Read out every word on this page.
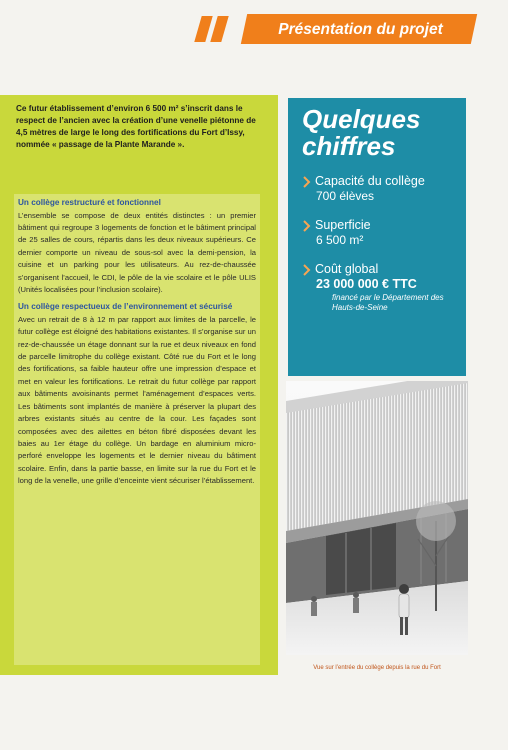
Présentation du projet

Ce futur établissement d’environ 6 500 m² s’inscrit dans le respect de l’ancien avec la création d’une venelle piétonne de 4,5 mètres de large le long des fortifications du Fort d’Issy, nommée « passage de la Plante Marande ».

Un collège restructuré et fonctionnel

L’ensemble se compose de deux entités distinctes : un premier bâtiment qui regroupe 3 logements de fonction et le bâtiment principal de 25 salles de cours, répartis dans les deux niveaux supérieurs. Ce dernier comporte un niveau de sous-sol avec la demi-pension, la cuisine et un parking pour les utilisateurs. Au rez-de-chaussée s’organisent l’accueil, le CDI, le pôle de la vie scolaire et le pôle ULIS (Unités localisées pour l’inclusion scolaire).

Un collège respectueux de l’environnement et sécurisé

Avec un retrait de 8 à 12 m par rapport aux limites de la parcelle, le futur collège est éloigné des habitations existantes. Il s’organise sur un rez-de-chaussée un étage donnant sur la rue et deux niveaux en fond de parcelle limitrophe du collège existant. Côté rue du Fort et le long des fortifications, sa faible hauteur offre une impression d’espace et met en valeur les fortifications. Le retrait du futur collège par rapport aux bâtiments avoisinants permet l’aménagement d’espaces verts. Les bâtiments sont implantés de manière à préserver la plupart des arbres existants situés au centre de la cour. Les façades sont composées avec des ailettes en béton fibré disposées devant les baies au 1er étage du collège. Un bardage en aluminium micro-perforé enveloppe les logements et le dernier niveau du bâtiment scolaire. Enfin, dans la partie basse, en limite sur la rue du Fort et le long de la venelle, une grille d’enceinte vient sécuriser l’établissement.

Quelques
chiffres
Capacité du collège
700 élèves
Superficie
6 500 m²
Coût global
23 000 000 € TTC
financé par le Département des Hauts-de-Seine
Vue sur l’entrée du collège depuis la rue du Fort
